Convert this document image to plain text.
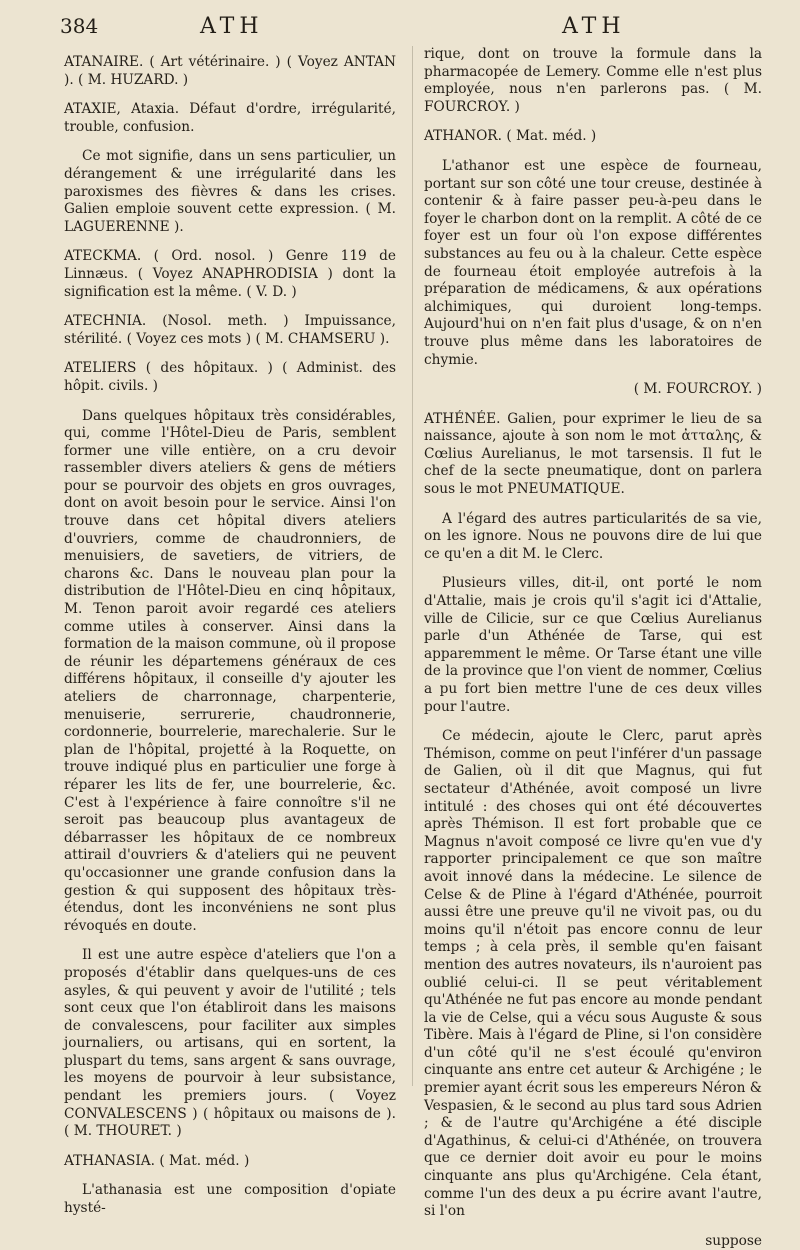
384	ATH	ATH

ATANAIRE. ( Art vétérinaire. ) ( Voyez ANTAN ). ( M. HUZARD. )

ATAXIE, Ataxia. Défaut d'ordre, irrégularité, trouble, confusion.

Ce mot signifie, dans un sens particulier, un dérangement & une irrégularité dans les paroxismes des fièvres & dans les crises. Galien emploie souvent cette expression. ( M. LAGUERENNE ).

ATECKMA. ( Ord. nosol. ) Genre 119 de Linnæus. ( Voyez ANAPHRODISIA ) dont la signification est la même. ( V. D. )

ATECHNIA. (Nosol. meth. ) Impuissance, stérilité. ( Voyez ces mots ) ( M. CHAMSERU ).

ATELIERS ( des hôpitaux. ) ( Administ. des hôpit. civils. )

Dans quelques hôpitaux très considérables, qui, comme l'Hôtel-Dieu de Paris, semblent former une ville entière, on a cru devoir rassembler divers ateliers & gens de métiers pour se pourvoir des objets en gros ouvrages, dont on avoit besoin pour le service. Ainsi l'on trouve dans cet hôpital divers ateliers d'ouvriers, comme de chaudronniers, de menuisiers, de savetiers, de vitriers, de charons &c. Dans le nouveau plan pour la distribution de l'Hôtel-Dieu en cinq hôpitaux, M. Tenon paroit avoir regardé ces ateliers comme utiles à conserver. Ainsi dans la formation de la maison commune, où il propose de réunir les départemens généraux de ces différens hôpitaux, il conseille d'y ajouter les ateliers de charronnage, charpenterie, menuiserie, serrurerie, chaudronnerie, cordonnerie, bourrelerie, marechalerie. Sur le plan de l'hôpital, projetté à la Roquette, on trouve indiqué plus en particulier une forge à réparer les lits de fer, une bourrelerie, &c. C'est à l'expérience à faire connoître s'il ne seroit pas beaucoup plus avantageux de débarrasser les hôpitaux de ce nombreux attirail d'ouvriers & d'ateliers qui ne peuvent qu'occasionner une grande confusion dans la gestion & qui supposent des hôpitaux très-étendus, dont les inconvéniens ne sont plus révoqués en doute.

Il est une autre espèce d'ateliers que l'on a proposés d'établir dans quelques-uns de ces asyles, & qui peuvent y avoir de l'utilité ; tels sont ceux que l'on établiroit dans les maisons de convalescens, pour faciliter aux simples journaliers, ou artisans, qui en sortent, la pluspart du tems, sans argent & sans ouvrage, les moyens de pourvoir à leur subsistance, pendant les premiers jours. ( Voyez CONVALESCENS ) ( hôpitaux ou maisons de ). ( M. THOURET. )

ATHANASIA. ( Mat. méd. )

L'athanasia est une composition d'opiate hysté-

rique, dont on trouve la formule dans la pharmacopée de Lemery. Comme elle n'est plus employée, nous n'en parlerons pas. ( M. FOURCROY. )

ATHANOR. ( Mat. méd. )

L'athanor est une espèce de fourneau, portant sur son côté une tour creuse, destinée à contenir & à faire passer peu-à-peu dans le foyer le charbon dont on la remplit. A côté de ce foyer est un four où l'on expose différentes substances au feu ou à la chaleur. Cette espèce de fourneau étoit employée autrefois à la préparation de médicamens, & aux opérations alchimiques, qui duroient long-temps. Aujourd'hui on n'en fait plus d'usage, & on n'en trouve plus même dans les laboratoires de chymie.

( M. FOURCROY. )

ATHÉNÉE. Galien, pour exprimer le lieu de sa naissance, ajoute à son nom le mot ἀτταλης, & Cœlius Aurelianus, le mot tarsensis. Il fut le chef de la secte pneumatique, dont on parlera sous le mot PNEUMATIQUE.

A l'égard des autres particularités de sa vie, on les ignore. Nous ne pouvons dire de lui que ce qu'en a dit M. le Clerc.

Plusieurs villes, dit-il, ont porté le nom d'Attalie, mais je crois qu'il s'agit ici d'Attalie, ville de Cilicie, sur ce que Cœlius Aurelianus parle d'un Athénée de Tarse, qui est apparemment le même. Or Tarse étant une ville de la province que l'on vient de nommer, Cœlius a pu fort bien mettre l'une de ces deux villes pour l'autre.

Ce médecin, ajoute le Clerc, parut après Thémison, comme on peut l'inférer d'un passage de Galien, où il dit que Magnus, qui fut sectateur d'Athénée, avoit composé un livre intitulé : des choses qui ont été découvertes après Thémison. Il est fort probable que ce Magnus n'avoit composé ce livre qu'en vue d'y rapporter principalement ce que son maître avoit innové dans la médecine. Le silence de Celse & de Pline à l'égard d'Athénée, pourroit aussi être une preuve qu'il ne vivoit pas, ou du moins qu'il n'étoit pas encore connu de leur temps ; à cela près, il semble qu'en faisant mention des autres novateurs, ils n'auroient pas oublié celui-ci. Il se peut véritablement qu'Athénée ne fut pas encore au monde pendant la vie de Celse, qui a vécu sous Auguste & sous Tibère. Mais à l'égard de Pline, si l'on considère d'un côté qu'il ne s'est écoulé qu'environ cinquante ans entre cet auteur & Archigéne ; le premier ayant écrit sous les empereurs Néron & Vespasien, & le second au plus tard sous Adrien ; & de l'autre qu'Archigéne a été disciple d'Agathinus, & celui-ci d'Athénée, on trouvera que ce dernier doit avoir eu pour le moins cinquante ans plus qu'Archigéne. Cela étant, comme l'un des deux a pu écrire avant l'autre, si l'on

suppose
